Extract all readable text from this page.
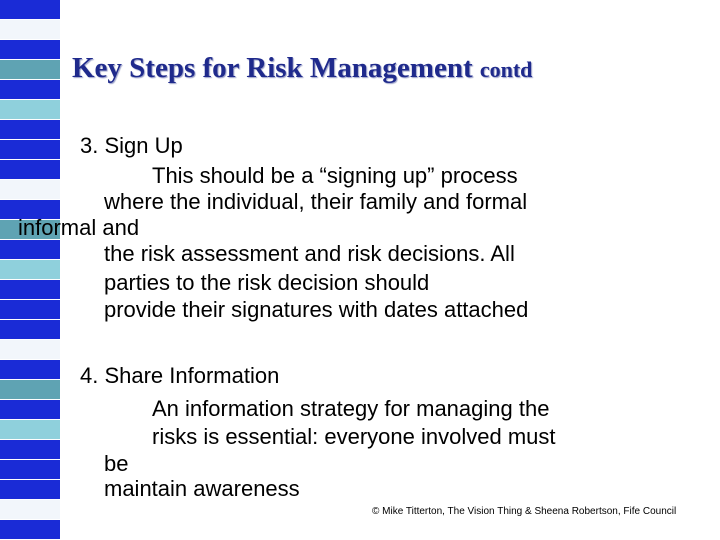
Key Steps for Risk Management contd
3. Sign Up
This should be a “signing up” process
where the individual, their family and formal
informal and
the risk assessment and risk decisions. All
parties to the risk decision should
provide their signatures with dates attached
4. Share Information
An information strategy for managing the
risks is essential: everyone involved must
be
maintain awareness
© Mike Titterton, The Vision Thing & Sheena Robertson, Fife Council
